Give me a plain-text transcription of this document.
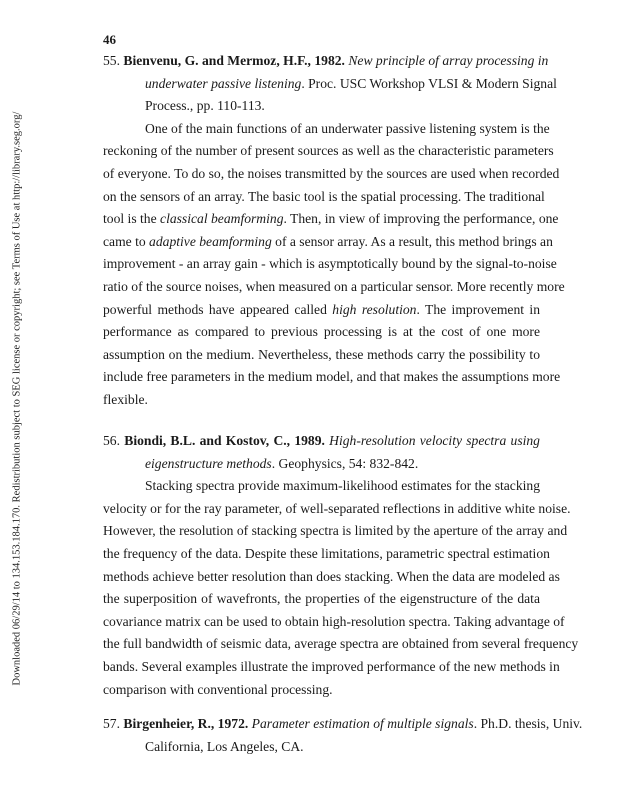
46
Downloaded 06/29/14 to 134.153.184.170. Redistribution subject to SEG license or copyright; see Terms of Use at http://library.seg.org/
55. Bienvenu, G. and Mermoz, H.F., 1982. New principle of array processing in
underwater passive listening. Proc. USC Workshop VLSI & Modern Signal
Process., pp. 110-113.
One of the main functions of an underwater passive listening system is the
reckoning of the number of present sources as well as the characteristic parameters
of everyone. To do so, the noises transmitted by the sources are used when recorded
on the sensors of an array. The basic tool is the spatial processing. The traditional
tool is the classical beamforming. Then, in view of improving the performance, one
came to adaptive beamforming of a sensor array. As a result, this method brings an
improvement - an array gain - which is asymptotically bound by the signal-to-noise
ratio of the source noises, when measured on a particular sensor. More recently more
powerful methods have appeared called high resolution. The improvement in
performance as compared to previous processing is at the cost of one more
assumption on the medium. Nevertheless, these methods carry the possibility to
include free parameters in the medium model, and that makes the assumptions more
flexible.
56. Biondi, B.L. and Kostov, C., 1989. High-resolution velocity spectra using
eigenstructure methods. Geophysics, 54: 832-842.
Stacking spectra provide maximum-likelihood estimates for the stacking
velocity or for the ray parameter, of well-separated reflections in additive white noise.
However, the resolution of stacking spectra is limited by the aperture of the array and
the frequency of the data. Despite these limitations, parametric spectral estimation
methods achieve better resolution than does stacking. When the data are modeled as
the superposition of wavefronts, the properties of the eigenstructure of the data
covariance matrix can be used to obtain high-resolution spectra. Taking advantage of
the full bandwidth of seismic data, average spectra are obtained from several frequency
bands. Several examples illustrate the improved performance of the new methods in
comparison with conventional processing.
57. Birgenheier, R., 1972. Parameter estimation of multiple signals. Ph.D. thesis, Univ.
California, Los Angeles, CA.
